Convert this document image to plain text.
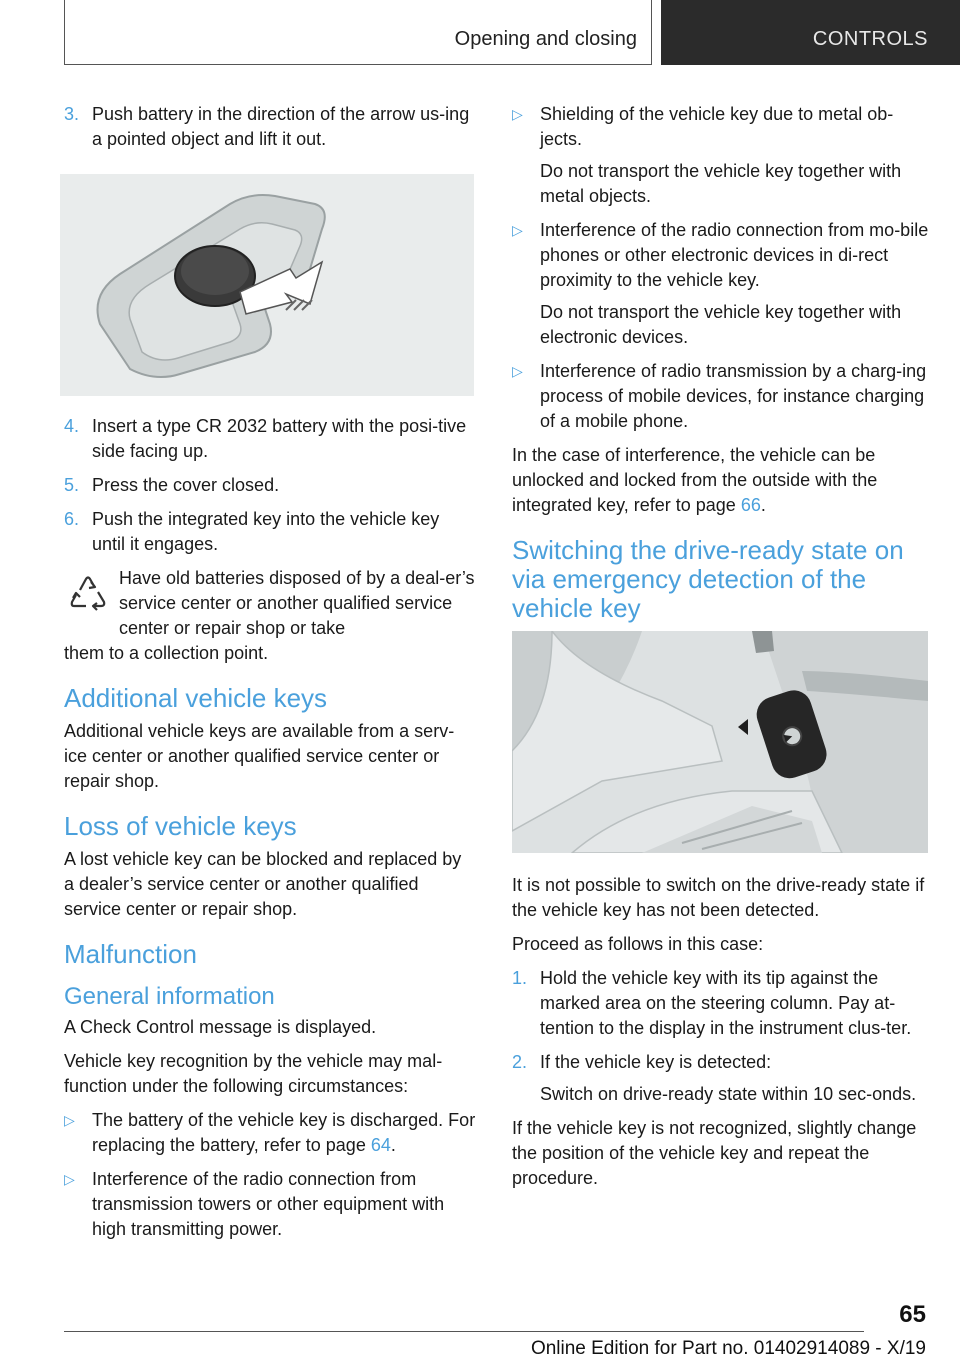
Opening and closing	CONTROLS
3. Push battery in the direction of the arrow us‐ing a pointed object and lift it out.
4. Insert a type CR 2032 battery with the posi‐tive side facing up.
5. Press the cover closed.
6. Push the integrated key into the vehicle key until it engages.
Have old batteries disposed of by a deal‐er’s service center or another qualified service center or repair shop or take
them to a collection point.
Additional vehicle keys
Additional vehicle keys are available from a serv‐ice center or another qualified service center or repair shop.
Loss of vehicle keys
A lost vehicle key can be blocked and replaced by a dealer’s service center or another qualified service center or repair shop.
Malfunction
General information
A Check Control message is displayed.
Vehicle key recognition by the vehicle may mal‐function under the following circumstances:
▷ The battery of the vehicle key is discharged. For replacing the battery, refer to page 64.
▷ Interference of the radio connection from transmission towers or other equipment with high transmitting power.
▷ Shielding of the vehicle key due to metal ob‐jects.
Do not transport the vehicle key together with metal objects.
▷ Interference of the radio connection from mo‐bile phones or other electronic devices in di‐rect proximity to the vehicle key.
Do not transport the vehicle key together with electronic devices.
▷ Interference of radio transmission by a charg‐ing process of mobile devices, for instance charging of a mobile phone.
In the case of interference, the vehicle can be unlocked and locked from the outside with the integrated key, refer to page 66.
Switching the drive-ready state on via emergency detection of the vehicle key
It is not possible to switch on the drive-ready state if the vehicle key has not been detected.
Proceed as follows in this case:
1. Hold the vehicle key with its tip against the marked area on the steering column. Pay at‐tention to the display in the instrument clus‐ter.
2. If the vehicle key is detected:
Switch on drive-ready state within 10 sec‐onds.
If the vehicle key is not recognized, slightly change the position of the vehicle key and repeat the procedure.
65
Online Edition for Part no. 01402914089 - X/19
